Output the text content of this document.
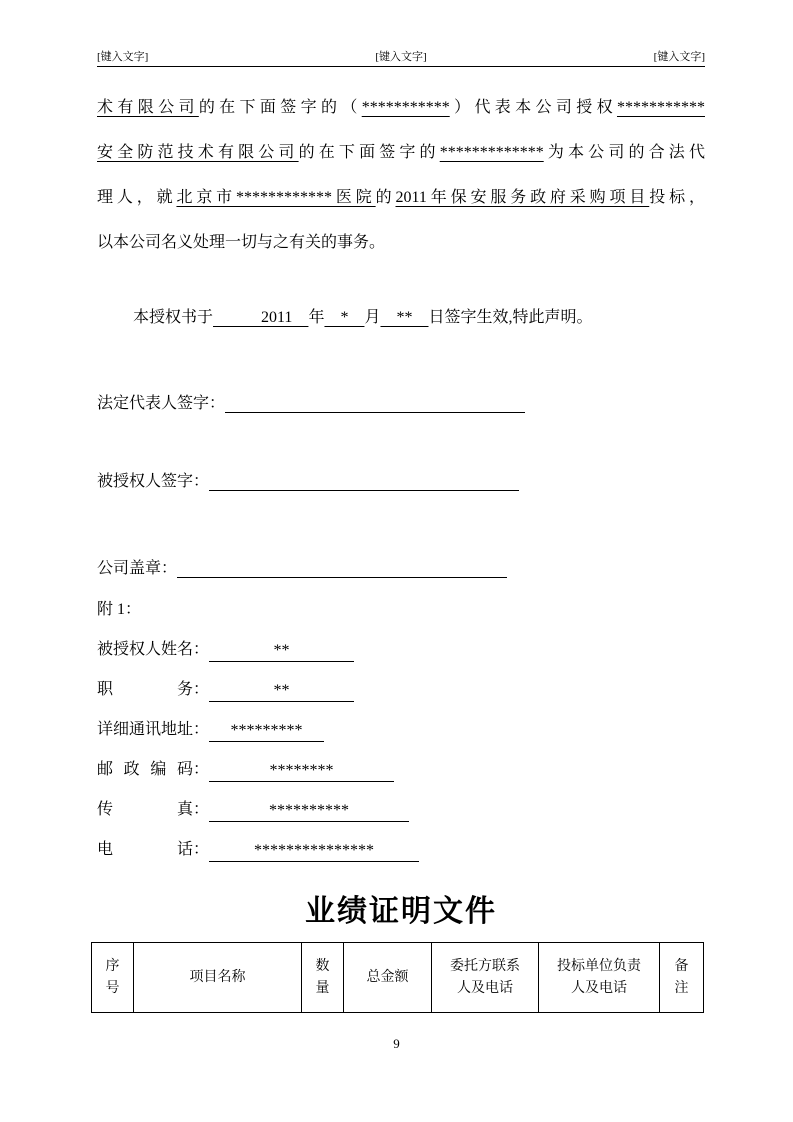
[键入文字]	[键入文字]	[键入文字]
术有限公司的在下面签字的（***********）代表本公司授权***********
安全防范技术有限公司的在下面签字的*************为本公司的合法代
理人，就北京市************医院的2011年保安服务政府采购项目投标，
以本公司名义处理一切与之有关的事务。
本授权书于　　　2011　年　*　月　**　日签字生效,特此声明。
法定代表人签字：
被授权人签字：
公司盖章：
附 1：
被授权人姓名：	**
职务：	**
详细通讯地址： *********
邮政编码：	********
传真：	**********
电话：	***************
业绩证明文件
序号	项目名称	数量	总金额	委托方联系人及电话	投标单位负责人及电话	备注
9
